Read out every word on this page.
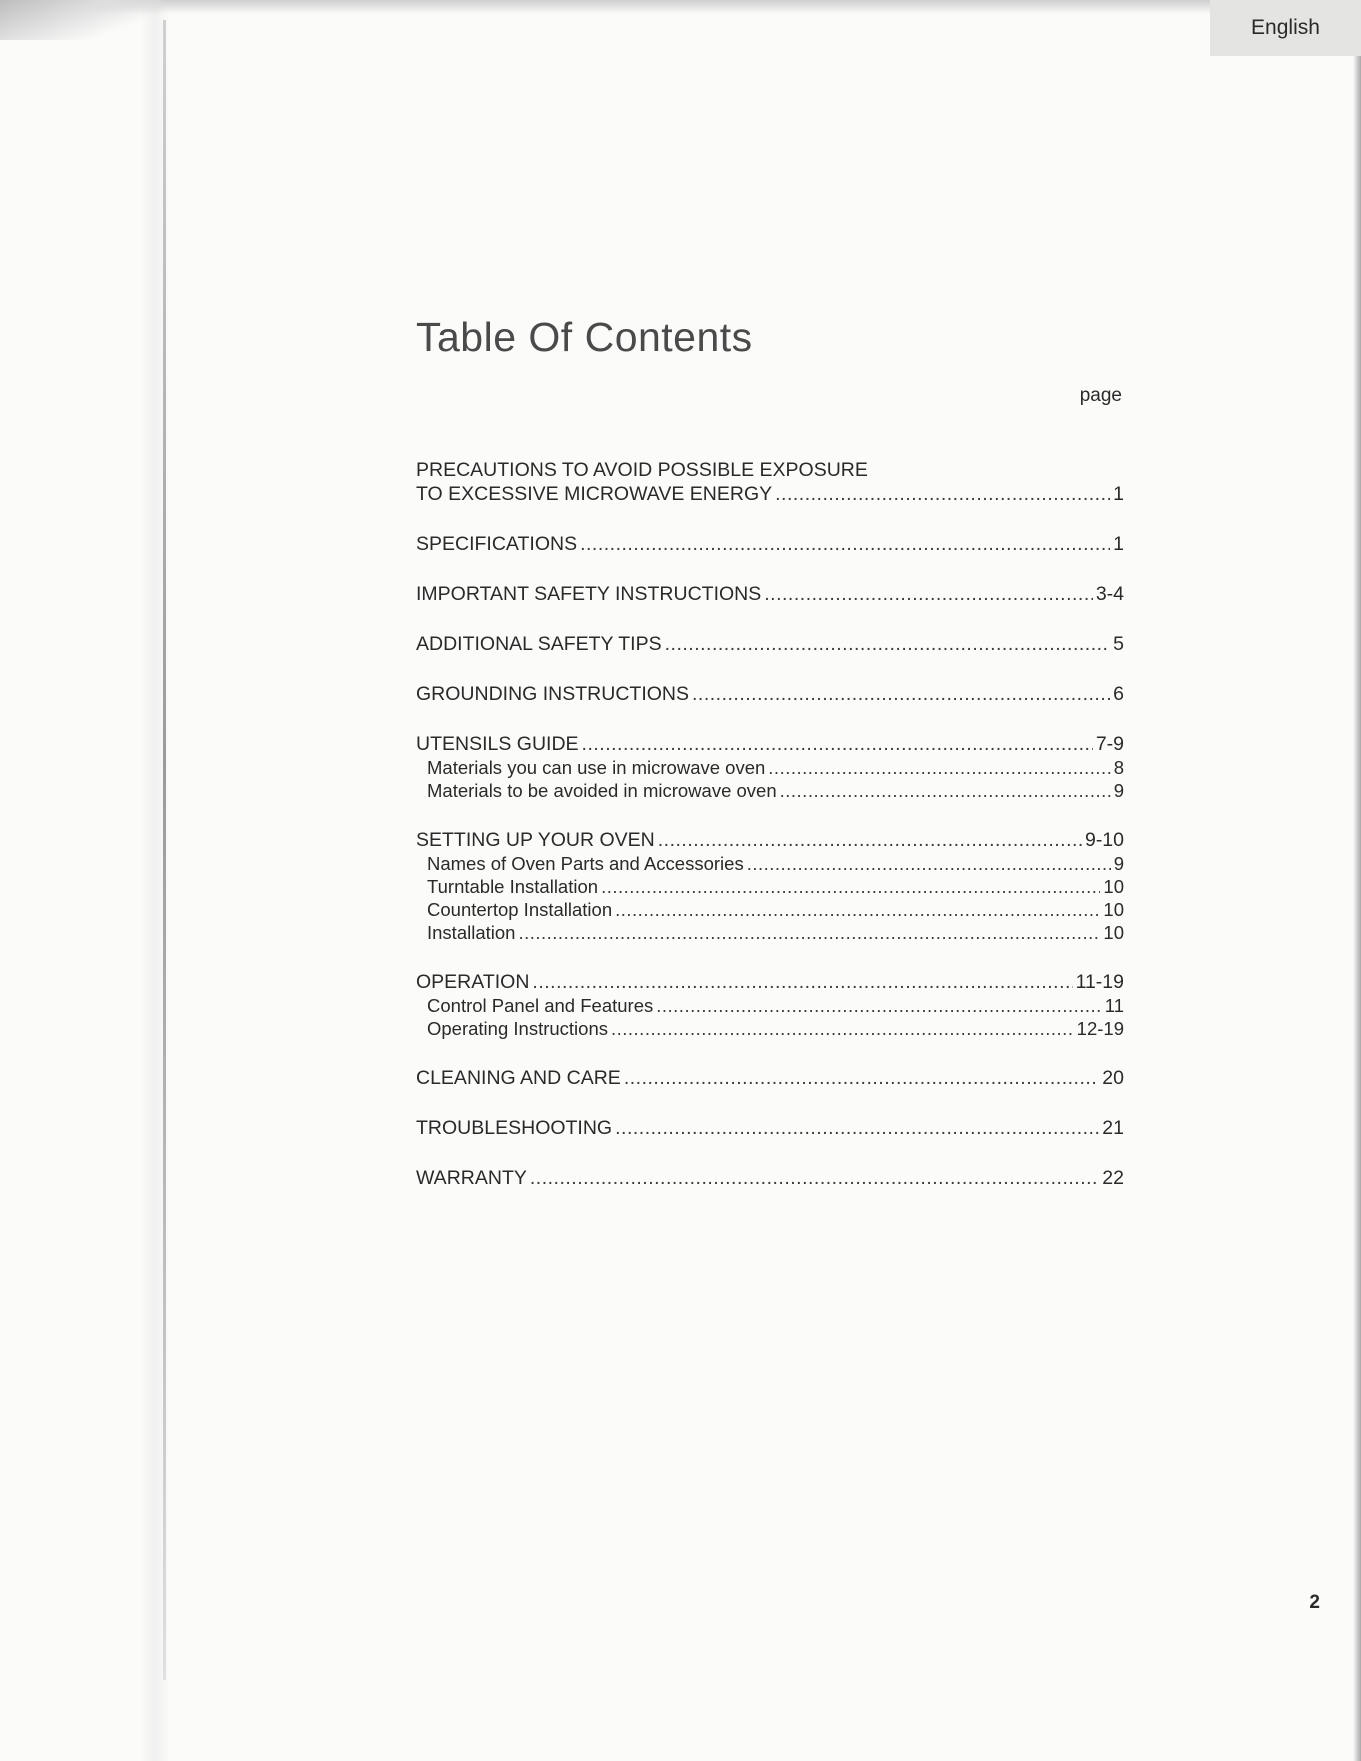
English
Table Of Contents
page
PRECAUTIONS TO AVOID POSSIBLE EXPOSURE
TO EXCESSIVE MICROWAVE ENERGY .....	1
SPECIFICATIONS .....	1
IMPORTANT SAFETY INSTRUCTIONS .....	3-4
ADDITIONAL SAFETY TIPS .....	5
GROUNDING INSTRUCTIONS .....	6
UTENSILS GUIDE .....	7-9
Materials you can use in microwave oven .....	8
Materials to be avoided in microwave oven .....	9
SETTING UP YOUR OVEN .....	9-10
Names of Oven Parts and Accessories .....	9
Turntable Installation .....	10
Countertop Installation .....	10
Installation .....	10
OPERATION .....	11-19
Control Panel and Features .....	11
Operating Instructions .....	12-19
CLEANING AND CARE .....	20
TROUBLESHOOTING .....	21
WARRANTY .....	22
2
